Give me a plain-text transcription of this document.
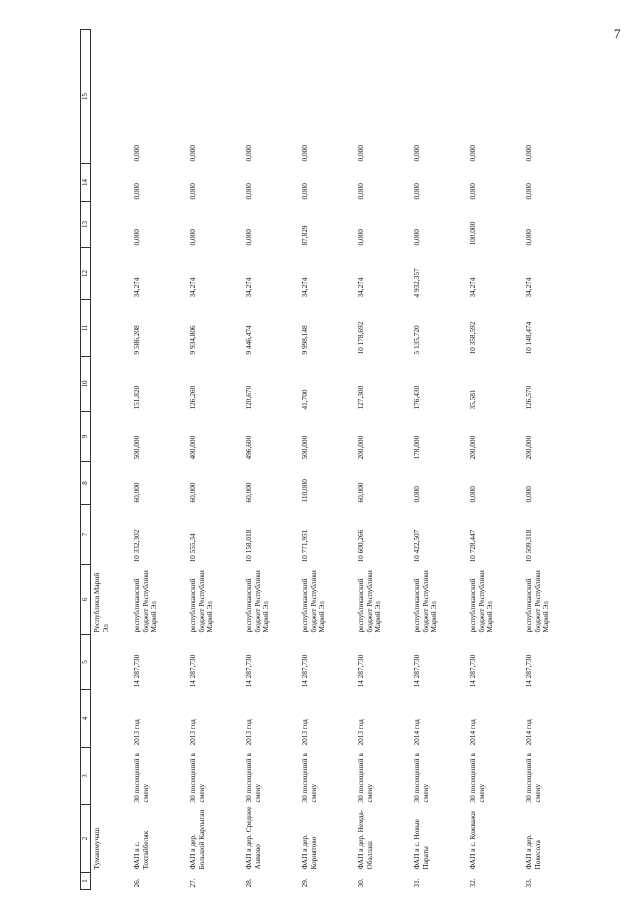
7
1	2	3	4	5	6	7	8	9	10	11	12	13	14	15
	Тумаюмучаш				Республики Марий Эл									
26.	ФАП в с. Тохтайбеляк	30 посещений в смену	2013 год	14 287,730	республиканский бюджет Республики Марий Эл	10 332,302	60,000	500,000	151,820	9 586,208	34,274	0,000	0,000	0,000
27.	ФАП в дер. Большой Карлыган	30 посещений в смену	2013 год	14 287,730	республиканский бюджет Республики Марий Эл	10 555,34	60,000	400,000	126,260	9 934,806	34,274	0,000	0,000	0,000
28.	ФАП в дер. Среднее Азяково	30 посещений в смену	2013 год	14 287,730	республиканский бюджет Республики Марий Эл	10 158,018	60,000	496,600	120,670	9 446,474	34,274	0,000	0,000	0,000
29.	ФАП в дер. Корнятово	30 посещений в смену	2013 год	14 287,730	республиканский бюджет Республики Марий Эл	10 771,951	110,000	500,000	41,700	9 998,148	34,274	87,829	0,000	0,000
30.	ФАП в дер. Немда-Обаллаш	30 посещений в смену	2013 год	14 287,730	республиканский бюджет Республики Марий Эл	10 600,266	60,000	200,000	127,300	10 178,692	34,274	0,000	0,000	0,000
31.	ФАП в с. Новые Параты	30 посещений в смену	2014 год	14 287,730	республиканский бюджет Республики Марий Эл	10 422,507	0,000	178,000	176,430	5 135,720	4 932,357	0,000	0,000	0,000
32.	ФАП в с. Кожважи	30 посещений в смену	2014 год	14 287,730	республиканский бюджет Республики Марий Эл	10 728,447	0,000	200,000	35,581	10 358,592	34,274	100,000	0,000	0,000
33.	ФАП в дер. Повесола	30 посещений в смену	2014 год	14 287,730	республиканский бюджет Республики Марий Эл	10 509,318	0,000	200,000	126,570	10 148,474	34,274	0,000	0,000	0,000
